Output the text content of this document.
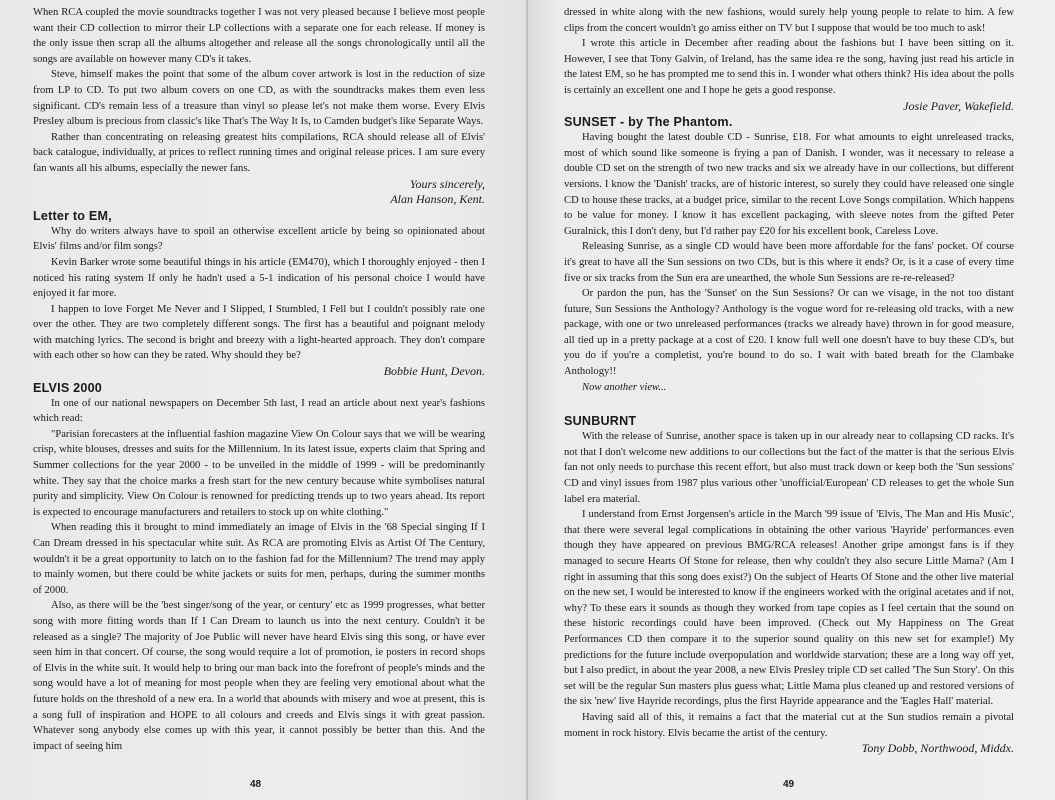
When RCA coupled the movie soundtracks together I was not very pleased because I believe most people want their CD collection to mirror their LP collections with a separate one for each release. If money is the only issue then scrap all the albums altogether and release all the songs chronologically until all the songs are available on however many CD's it takes.

Steve, himself makes the point that some of the album cover artwork is lost in the reduction of size from LP to CD. To put two album covers on one CD, as with the soundtracks makes them even less significant. CD's remain less of a treasure than vinyl so please let's not make them worse. Every Elvis Presley album is precious from classic's like That's The Way It Is, to Camden budget's like Separate Ways.

Rather than concentrating on releasing greatest hits compilations, RCA should release all of Elvis' back catalogue, individually, at prices to reflect running times and original release prices. I am sure every fan wants all his albums, especially the newer fans.

Yours sincerely,
Alan Hanson, Kent.
Letter to EM,

Why do writers always have to spoil an otherwise excellent article by being so opinionated about Elvis' films and/or film songs?

Kevin Barker wrote some beautiful things in his article (EM470), which I thoroughly enjoyed - then I noticed his rating system If only he hadn't used a 5-1 indication of his personal choice I would have enjoyed it far more.

I happen to love Forget Me Never and I Slipped, I Stumbled, I Fell but I couldn't possibly rate one over the other. They are two completely different songs. The first has a beautiful and poignant melody with matching lyrics. The second is bright and breezy with a light-hearted approach. They don't compare with each other so how can they be rated. Why should they be?

Bobbie Hunt, Devon.
ELVIS 2000

In one of our national newspapers on December 5th last, I read an article about next year's fashions which read:

"Parisian forecasters at the influential fashion magazine View On Colour says that we will be wearing crisp, white blouses, dresses and suits for the Millennium. In its latest issue, experts claim that Spring and Summer collections for the year 2000 - to be unveiled in the middle of 1999 - will be predominantly white. They say that the choice marks a fresh start for the new century because white symbolises natural purity and simplicity. View On Colour is renowned for predicting trends up to two years ahead. Its report is expected to encourage manufacturers and retailers to stock up on white clothing."

When reading this it brought to mind immediately an image of Elvis in the '68 Special singing If I Can Dream dressed in his spectacular white suit. As RCA are promoting Elvis as Artist Of The Century, wouldn't it be a great opportunity to latch on to the fashion fad for the Millennium? The trend may apply to mainly women, but there could be white jackets or suits for men, perhaps, during the summer months of 2000.

Also, as there will be the 'best singer/song of the year, or century' etc as 1999 progresses, what better song with more fitting words than If I Can Dream to launch us into the next century. Couldn't it be released as a single? The majority of Joe Public will never have heard Elvis sing this song, or have ever seen him in that concert. Of course, the song would require a lot of promotion, ie posters in record shops of Elvis in the white suit. It would help to bring our man back into the forefront of people's minds and the song would have a lot of meaning for most people when they are feeling very emotional about what the future holds on the threshold of a new era. In a world that abounds with misery and woe at present, this is a song full of inspiration and HOPE to all colours and creeds and Elvis sings it with great passion. Whatever song anybody else comes up with this year, it cannot possibly be better than this. And the impact of seeing him

48

dressed in white along with the new fashions, would surely help young people to relate to him. A few clips from the concert wouldn't go amiss either on TV but I suppose that would be too much to ask!

I wrote this article in December after reading about the fashions but I have been sitting on it. However, I see that Tony Galvin, of Ireland, has the same idea re the song, having just read his article in the latest EM, so he has prompted me to send this in. I wonder what others think? His idea about the polls is certainly an excellent one and I hope he gets a good response.

Josie Paver, Wakefield.
SUNSET - by The Phantom.

Having bought the latest double CD - Sunrise, £18. For what amounts to eight unreleased tracks, most of which sound like someone is frying a pan of Danish. I wonder, was it necessary to release a double CD set on the strength of two new tracks and six we already have in our collections, but different versions. I know the 'Danish' tracks, are of historic interest, so surely they could have released one single CD to house these tracks, at a budget price, similar to the recent Love Songs compilation. Which happens to be value for money. I know it has excellent packaging, with sleeve notes from the gifted Peter Guralnick, this I don't deny, but I'd rather pay £20 for his excellent book, Careless Love.

Releasing Sunrise, as a single CD would have been more affordable for the fans' pocket. Of course it's great to have all the Sun sessions on two CDs, but is this where it ends? Or, is it a case of every time five or six tracks from the Sun era are unearthed, the whole Sun Sessions are re-re-released?

Or pardon the pun, has the 'Sunset' on the Sun Sessions? Or can we visage, in the not too distant future, Sun Sessions the Anthology? Anthology is the vogue word for re-releasing old tracks, with a new package, with one or two unreleased performances (tracks we already have) thrown in for good measure, all tied up in a pretty package at a cost of £20. I know full well one doesn't have to buy these CD's, but you do if you're a completist, you're bound to do so. I wait with bated breath for the Clambake Anthology!!

Now another view...
SUNBURNT

With the release of Sunrise, another space is taken up in our already near to collapsing CD racks. It's not that I don't welcome new additions to our collections but the fact of the matter is that the serious Elvis fan not only needs to purchase this recent effort, but also must track down or keep both the 'Sun sessions' CD and vinyl issues from 1987 plus various other 'unofficial/European' CD releases to get the whole Sun label era material.

I understand from Ernst Jorgensen's article in the March '99 issue of 'Elvis, The Man and His Music', that there were several legal complications in obtaining the other various 'Hayride' performances even though they have appeared on previous BMG/RCA releases! Another gripe amongst fans is if they managed to secure Hearts Of Stone for release, then why couldn't they also secure Little Mama? (Am I right in assuming that this song does exist?) On the subject of Hearts Of Stone and the other live material on the new set, I would be interested to know if the engineers worked with the original acetates and if not, why? To these ears it sounds as though they worked from tape copies as I feel certain that the sound on these historic recordings could have been improved. (Check out My Happiness on The Great Performances CD then compare it to the superior sound quality on this new set for example!) My predictions for the future include overpopulation and worldwide starvation; these are a long way off yet, but I also predict, in about the year 2008, a new Elvis Presley triple CD set called 'The Sun Story'. On this set will be the regular Sun masters plus guess what; Little Mama plus cleaned up and restored versions of the six 'new' live Hayride recordings, plus the first Hayride appearance and the 'Eagles Hall' material.

Having said all of this, it remains a fact that the material cut at the Sun studios remain a pivotal moment in rock history. Elvis became the artist of the century.

Tony Dobb, Northwood, Middx.
49
